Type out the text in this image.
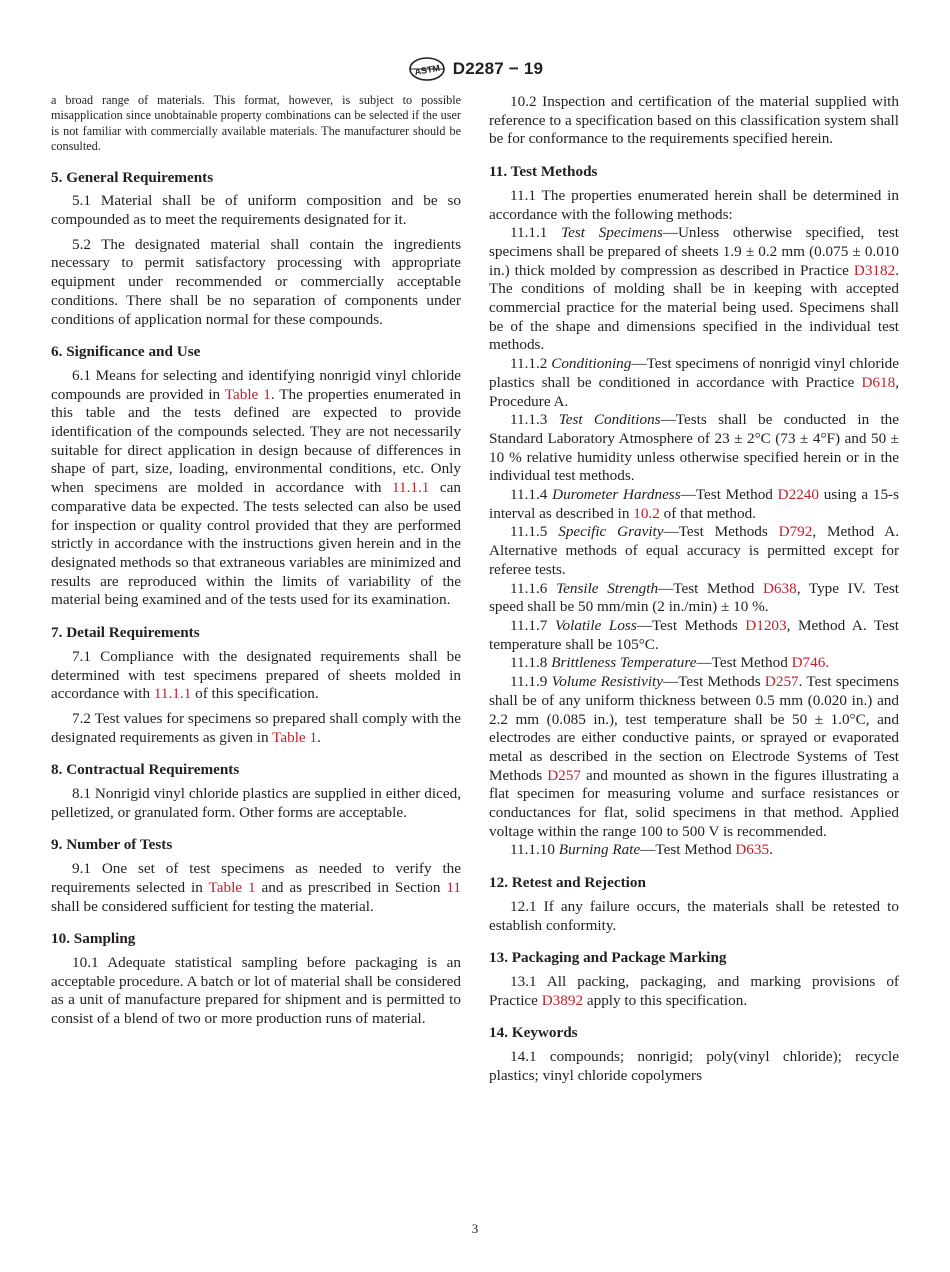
ASTM D2287 − 19

a broad range of materials. This format, however, is subject to possible misapplication since unobtainable property combinations can be selected if the user is not familiar with commercially available materials. The manufacturer should be consulted.

5. General Requirements

5.1 Material shall be of uniform composition and be so compounded as to meet the requirements designated for it.

5.2 The designated material shall contain the ingredients necessary to permit satisfactory processing with appropriate equipment under recommended or commercially acceptable conditions. There shall be no separation of components under conditions of application normal for these compounds.

6. Significance and Use

6.1 Means for selecting and identifying nonrigid vinyl chloride compounds are provided in Table 1. The properties enumerated in this table and the tests defined are expected to provide identification of the compounds selected. They are not necessarily suitable for direct application in design because of differences in shape of part, size, loading, environmental conditions, etc. Only when specimens are molded in accordance with 11.1.1 can comparative data be expected. The tests selected can also be used for inspection or quality control provided that they are performed strictly in accordance with the instructions given herein and in the designated methods so that extraneous variables are minimized and results are reproduced within the limits of variability of the material being examined and of the tests used for its examination.

7. Detail Requirements

7.1 Compliance with the designated requirements shall be determined with test specimens prepared of sheets molded in accordance with 11.1.1 of this specification.

7.2 Test values for specimens so prepared shall comply with the designated requirements as given in Table 1.

8. Contractual Requirements

8.1 Nonrigid vinyl chloride plastics are supplied in either diced, pelletized, or granulated form. Other forms are acceptable.

9. Number of Tests

9.1 One set of test specimens as needed to verify the requirements selected in Table 1 and as prescribed in Section 11 shall be considered sufficient for testing the material.

10. Sampling

10.1 Adequate statistical sampling before packaging is an acceptable procedure. A batch or lot of material shall be considered as a unit of manufacture prepared for shipment and is permitted to consist of a blend of two or more production runs of material.

10.2 Inspection and certification of the material supplied with reference to a specification based on this classification system shall be for conformance to the requirements specified herein.

11. Test Methods

11.1 The properties enumerated herein shall be determined in accordance with the following methods:

11.1.1 Test Specimens—Unless otherwise specified, test specimens shall be prepared of sheets 1.9 ± 0.2 mm (0.075 ± 0.010 in.) thick molded by compression as described in Practice D3182. The conditions of molding shall be in keeping with accepted commercial practice for the material being used. Specimens shall be of the shape and dimensions specified in the individual test methods.

11.1.2 Conditioning—Test specimens of nonrigid vinyl chloride plastics shall be conditioned in accordance with Practice D618, Procedure A.

11.1.3 Test Conditions—Tests shall be conducted in the Standard Laboratory Atmosphere of 23 ± 2°C (73 ± 4°F) and 50 ± 10 % relative humidity unless otherwise specified herein or in the individual test methods.

11.1.4 Durometer Hardness—Test Method D2240 using a 15-s interval as described in 10.2 of that method.

11.1.5 Specific Gravity—Test Methods D792, Method A. Alternative methods of equal accuracy is permitted except for referee tests.

11.1.6 Tensile Strength—Test Method D638, Type IV. Test speed shall be 50 mm/min (2 in./min) ± 10 %.

11.1.7 Volatile Loss—Test Methods D1203, Method A. Test temperature shall be 105°C.

11.1.8 Brittleness Temperature—Test Method D746.

11.1.9 Volume Resistivity—Test Methods D257. Test specimens shall be of any uniform thickness between 0.5 mm (0.020 in.) and 2.2 mm (0.085 in.), test temperature shall be 50 ± 1.0°C, and electrodes are either conductive paints, or sprayed or evaporated metal as described in the section on Electrode Systems of Test Methods D257 and mounted as shown in the figures illustrating a flat specimen for measuring volume and surface resistances or conductances for flat, solid specimens in that method. Applied voltage within the range 100 to 500 V is recommended.

11.1.10 Burning Rate—Test Method D635.

12. Retest and Rejection

12.1 If any failure occurs, the materials shall be retested to establish conformity.

13. Packaging and Package Marking

13.1 All packing, packaging, and marking provisions of Practice D3892 apply to this specification.

14. Keywords

14.1 compounds; nonrigid; poly(vinyl chloride); recycle plastics; vinyl chloride copolymers

3
